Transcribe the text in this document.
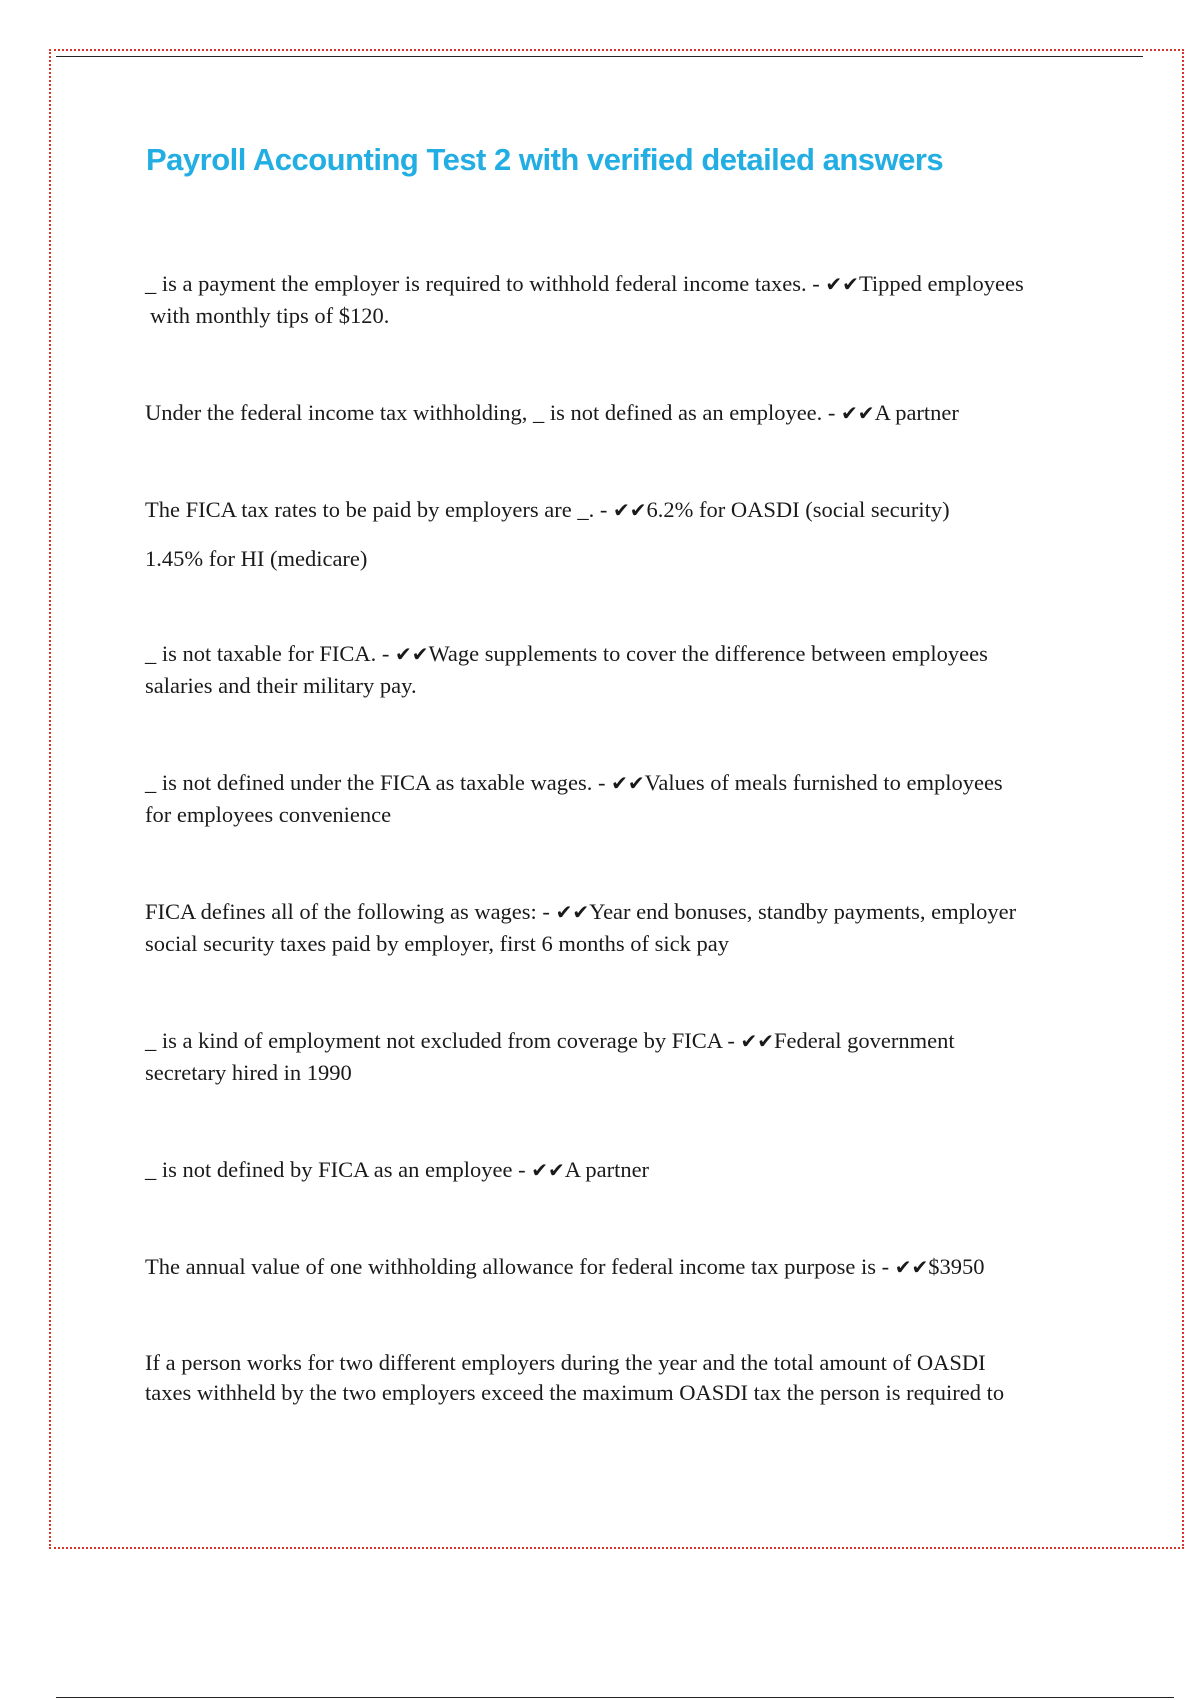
Payroll Accounting Test 2 with verified detailed answers

_ is a payment the employer is required to withhold federal income taxes. - ✔✔Tipped employees

with monthly tips of $120.

Under the federal income tax withholding, _ is not defined as an employee. - ✔✔A partner

The FICA tax rates to be paid by employers are _. - ✔✔6.2% for OASDI (social security)

1.45% for HI (medicare)

_ is not taxable for FICA. - ✔✔Wage supplements to cover the difference between employees

salaries and their military pay.

_ is not defined under the FICA as taxable wages. - ✔✔Values of meals furnished to employees

for employees convenience

FICA defines all of the following as wages: - ✔✔Year end bonuses, standby payments, employer

social security taxes paid by employer, first 6 months of sick pay

_ is a kind of employment not excluded from coverage by FICA - ✔✔Federal government

secretary hired in 1990

_ is not defined by FICA as an employee - ✔✔A partner

The annual value of one withholding allowance for federal income tax purpose is - ✔✔$3950

If a person works for two different employers during the year and the total amount of OASDI

taxes withheld by the two employers exceed the maximum OASDI tax the person is required to
